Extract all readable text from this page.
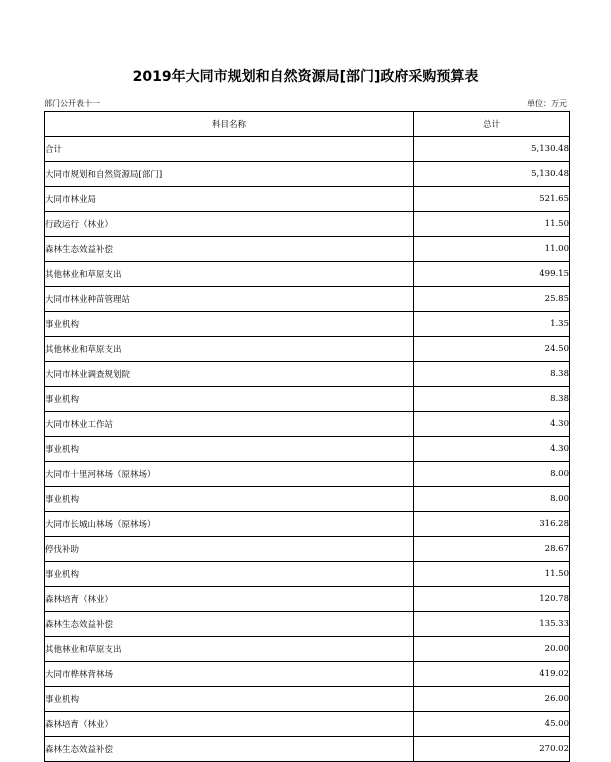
2019年大同市规划和自然资源局[部门]政府采购预算表
部门公开表十一	单位：万元
科目名称	总计
合计	5,130.48
大同市规划和自然资源局[部门]	5,130.48
大同市林业局	521.65
行政运行（林业）	11.50
森林生态效益补偿	11.00
其他林业和草原支出	499.15
大同市林业种苗管理站	25.85
事业机构	1.35
其他林业和草原支出	24.50
大同市林业调查规划院	8.38
事业机构	8.38
大同市林业工作站	4.30
事业机构	4.30
大同市十里河林场（原林场）	8.00
事业机构	8.00
大同市长城山林场（原林场）	316.28
停伐补助	28.67
事业机构	11.50
森林培育（林业）	120.78
森林生态效益补偿	135.33
其他林业和草原支出	20.00
大同市桦林背林场	419.02
事业机构	26.00
森林培育（林业）	45.00
森林生态效益补偿	270.02
